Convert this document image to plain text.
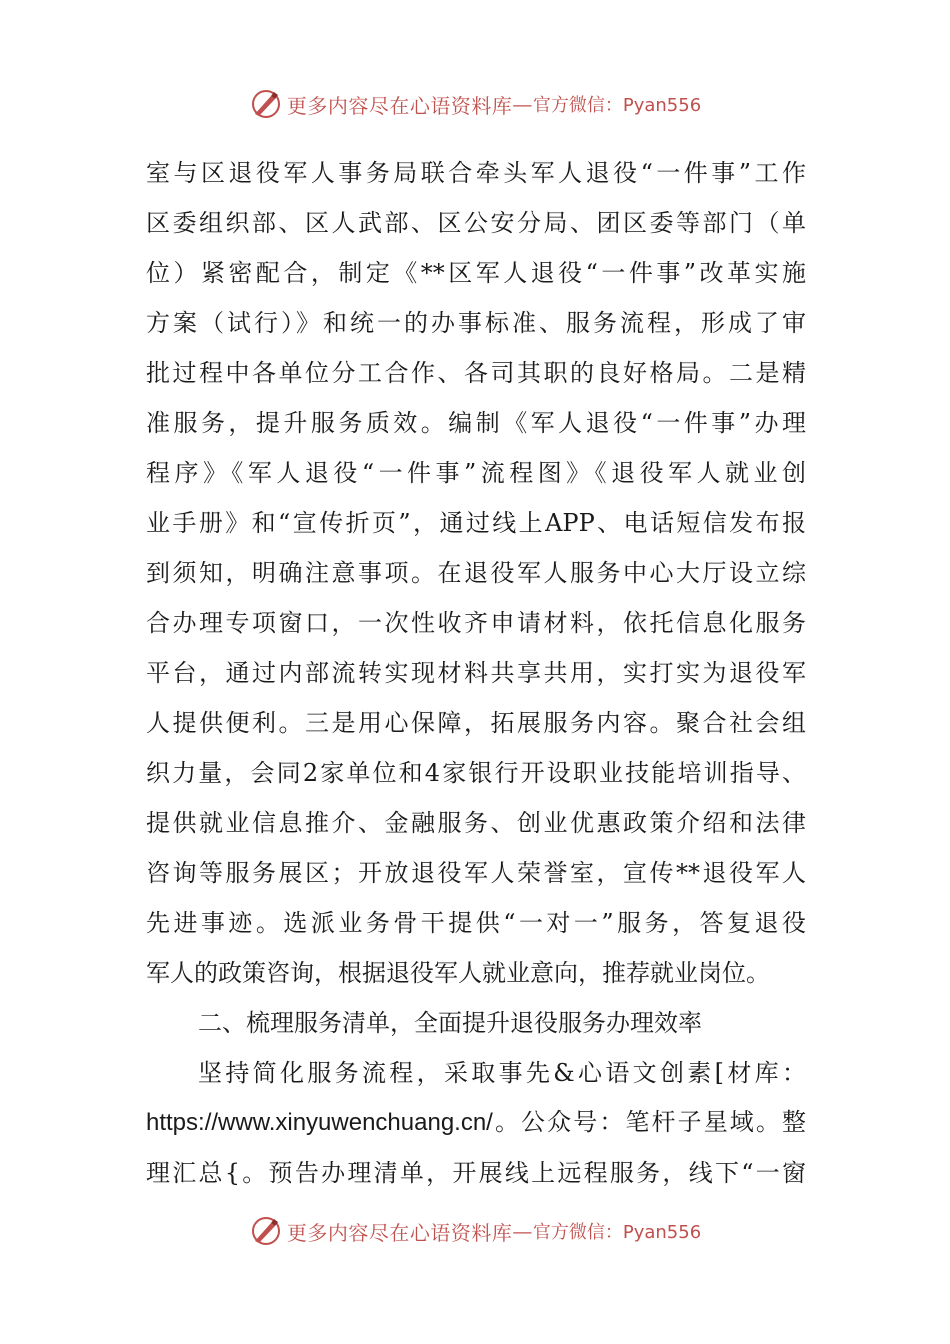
更多内容尽在心语资料库 — 官方微信：Pyan556
室与区退役军人事务局联合牵头军人退役“一件事”工作
区委组织部、区人武部、区公安分局、团区委等部门（单
位）紧密配合，制定《**区军人退役“一件事”改革实施
方案（试行）》和统一的办事标准、服务流程，形成了审
批过程中各单位分工合作、各司其职的良好格局。二是精
准服务，提升服务质效。编制《军人退役“一件事”办理
程序》《军人退役“一件事”流程图》《退役军人就业创
业手册》和“宣传折页”，通过线上APP、电话短信发布报
到须知，明确注意事项。在退役军人服务中心大厅设立综
合办理专项窗口，一次性收齐申请材料，依托信息化服务
平台，通过内部流转实现材料共享共用，实打实为退役军
人提供便利。三是用心保障，拓展服务内容。聚合社会组
织力量，会同2家单位和4家银行开设职业技能培训指导、
提供就业信息推介、金融服务、创业优惠政策介绍和法律
咨询等服务展区；开放退役军人荣誉室，宣传**退役军人
先进事迹。选派业务骨干提供“一对一”服务，答复退役
军人的政策咨询，根据退役军人就业意向，推荐就业岗位。
二、梳理服务清单，全面提升退役服务办理效率
坚持简化服务流程，采取事先&心语文创素[材库：
https://www.xinyuwenchuang.cn/。公众号：笔杆子星域。整
理汇总{。预告办理清单，开展线上远程服务，线下“一窗
更多内容尽在心语资料库 — 官方微信：Pyan556
